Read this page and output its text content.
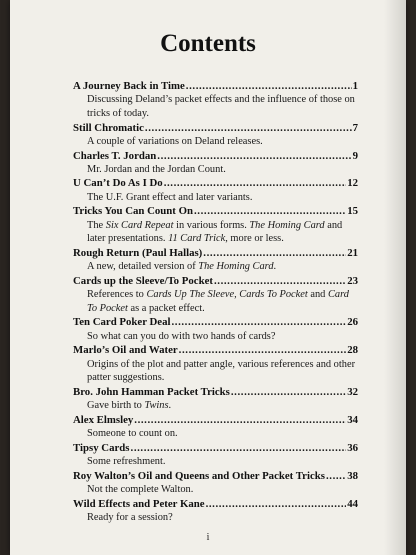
Contents
A Journey Back in Time .....	1
Discussing Deland’s packet effects and the influence of those on tricks of today.
Still Chromatic .....	7
A couple of variations on Deland releases.
Charles T. Jordan .....	9
Mr. Jordan and the Jordan Count.
U Can’t Do As I Do .....	12
The U.F. Grant effect and later variants.
Tricks You Can Count On .....	15
The Six Card Repeat in various forms. The Homing Card and later presentations. 11 Card Trick, more or less.
Rough Return (Paul Hallas) .....	21
A new, detailed version of The Homing Card.
Cards up the Sleeve/To Pocket .....	23
References to Cards Up The Sleeve, Cards To Pocket and Card To Pocket as a packet effect.
Ten Card Poker Deal .....	26
So what can you do with two hands of cards?
Marlo’s Oil and Water .....	28
Origins of the plot and patter angle, various references and other patter suggestions.
Bro. John Hamman Packet Tricks .....	32
Gave birth to Twins.
Alex Elmsley .....	34
Someone to count on.
Tipsy Cards .....	36
Some refreshment.
Roy Walton’s Oil and Queens and Other Packet Tricks ..... 38
Not the complete Walton.
Wild Effects and Peter Kane .....	44
Ready for a session?
i
